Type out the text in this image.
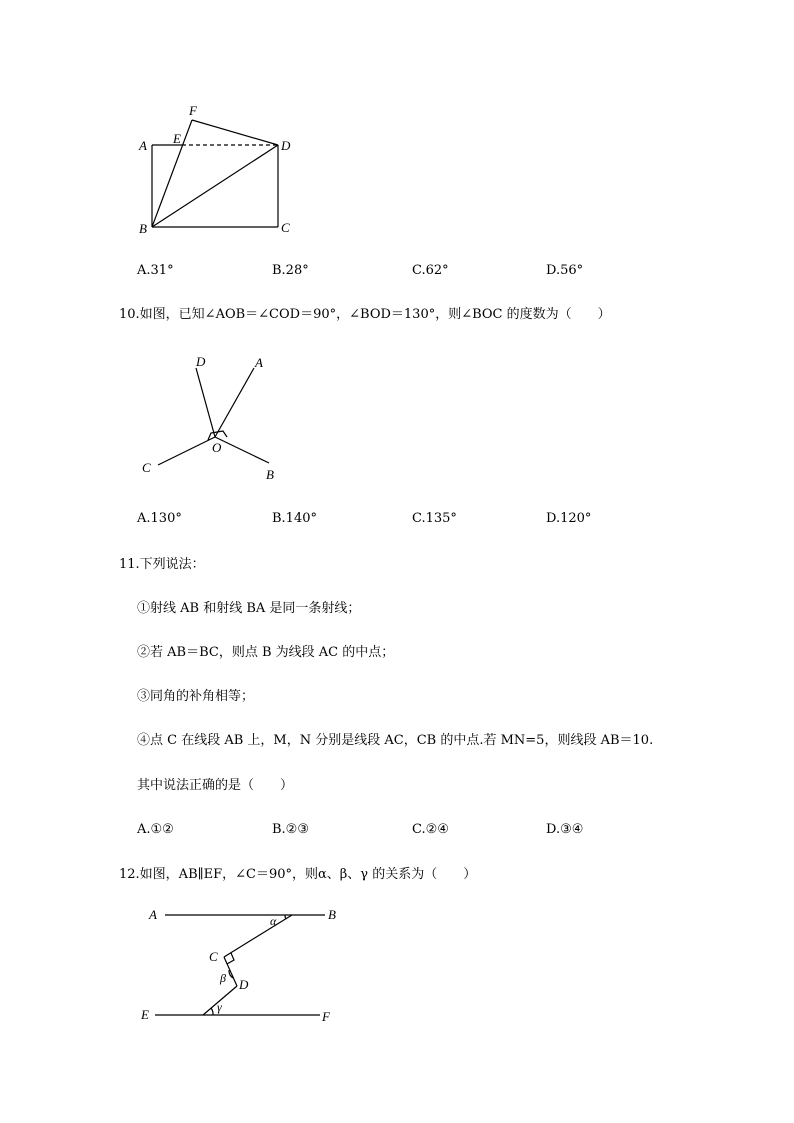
F
E
A	D
B	C
A.31°	B.28°	C.62°	D.56°
10.如图，已知∠AOB＝∠COD＝90°，∠BOD＝130°，则∠BOC 的度数为（　　）
D	A
O
C	B
A.130°	B.140°	C.135°	D.120°
11.下列说法：
①射线 AB 和射线 BA 是同一条射线；
②若 AB＝BC，则点 B 为线段 AC 的中点；
③同角的补角相等；
④点 C 在线段 AB 上，M，N 分别是线段 AC，CB 的中点.若 MN=5，则线段 AB＝10.
其中说法正确的是（　　）
A.①②	B.②③	C.②④	D.③④
12.如图，AB∥EF，∠C＝90°，则α、β、γ 的关系为（　　）
A	B
α
C
β D
E	γ
F
